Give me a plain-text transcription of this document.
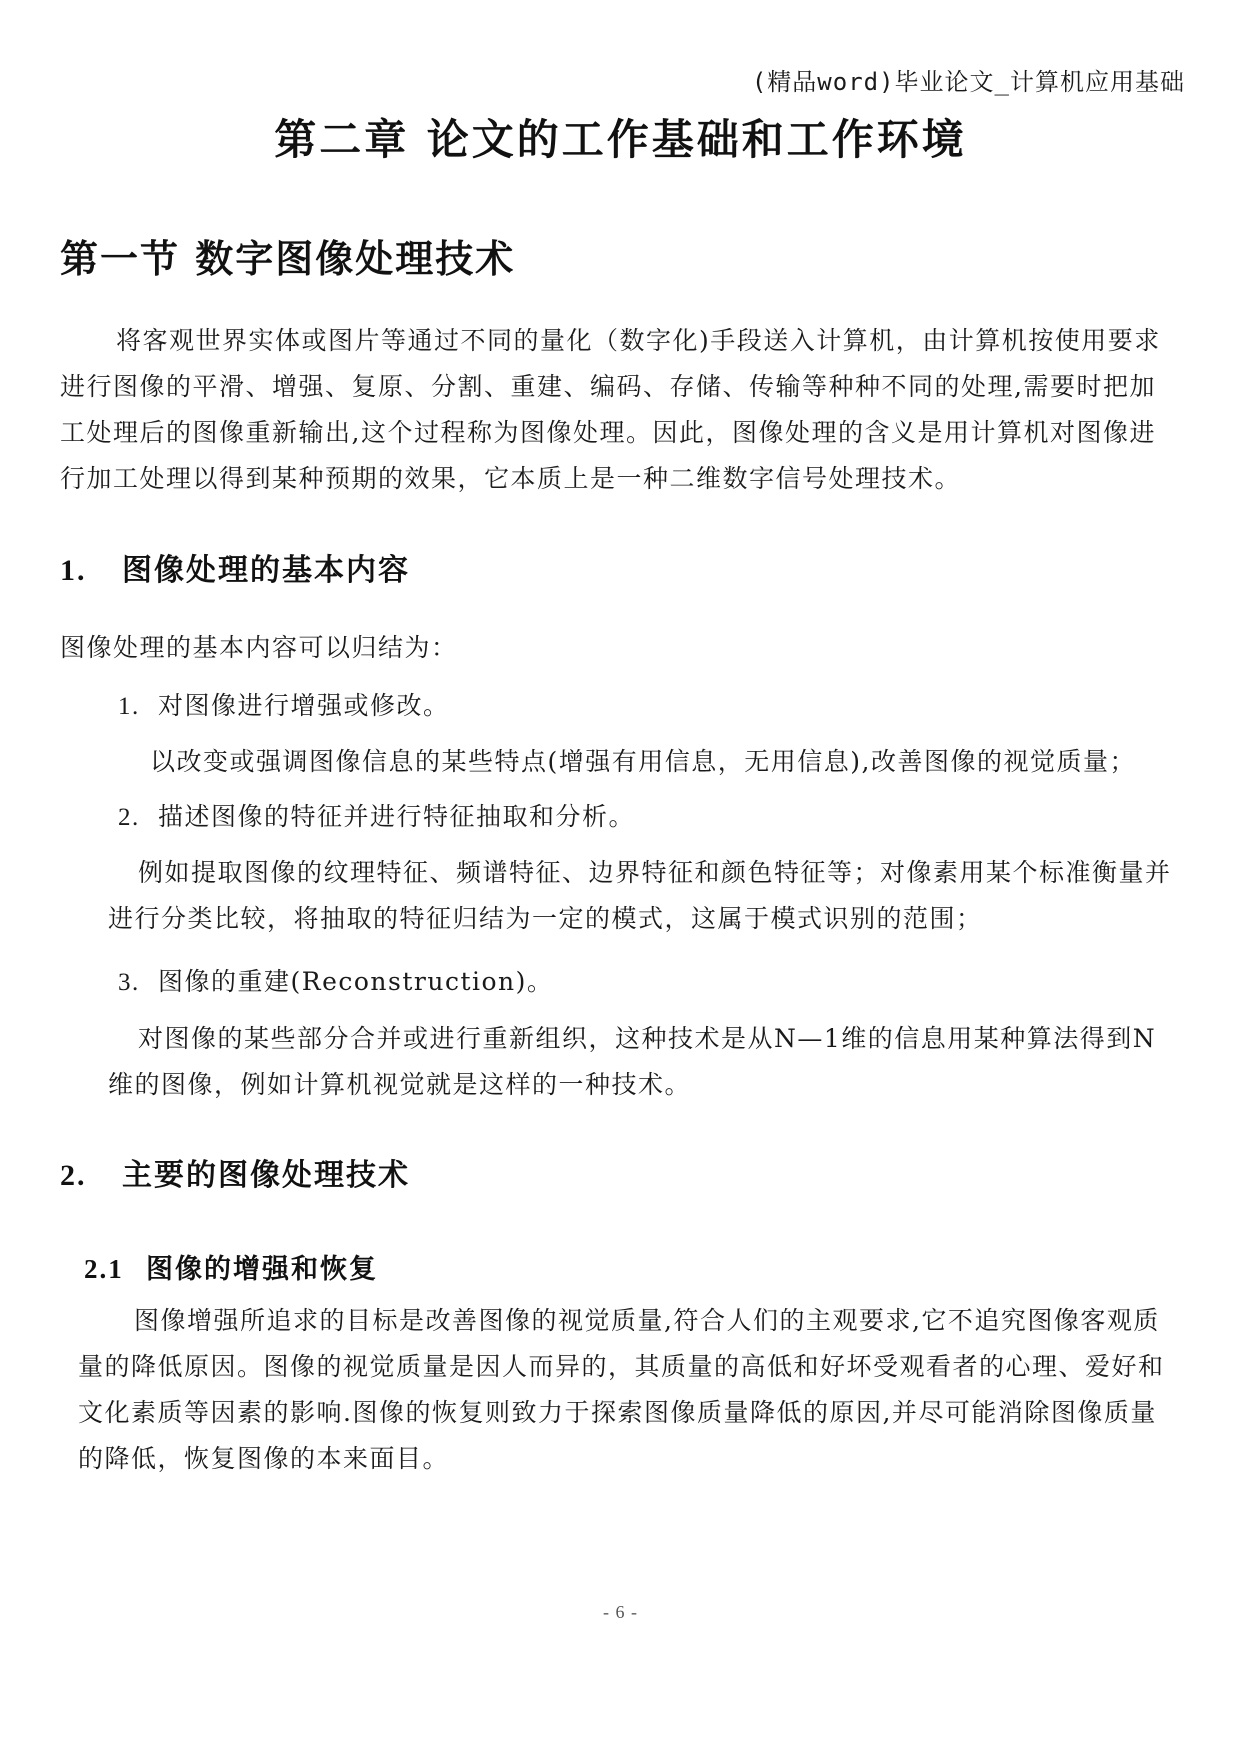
(精品word)毕业论文_计算机应用基础
第二章 论文的工作基础和工作环境
第一节 数字图像处理技术
将客观世界实体或图片等通过不同的量化（数字化)手段送入计算机，由计算机按使用要求进行图像的平滑、增强、复原、分割、重建、编码、存储、传输等种种不同的处理,需要时把加工处理后的图像重新输出,这个过程称为图像处理。因此，图像处理的含义是用计算机对图像进行加工处理以得到某种预期的效果，它本质上是一种二维数字信号处理技术。
1. 图像处理的基本内容
图像处理的基本内容可以归结为：
1. 对图像进行增强或修改。
以改变或强调图像信息的某些特点(增强有用信息，无用信息),改善图像的视觉质量；
2. 描述图像的特征并进行特征抽取和分析。
例如提取图像的纹理特征、频谱特征、边界特征和颜色特征等；对像素用某个标准衡量并进行分类比较，将抽取的特征归结为一定的模式，这属于模式识别的范围；
3. 图像的重建(Reconstruction)。
对图像的某些部分合并或进行重新组织，这种技术是从N—1维的信息用某种算法得到N维的图像，例如计算机视觉就是这样的一种技术。
2. 主要的图像处理技术
2.1 图像的增强和恢复
图像增强所追求的目标是改善图像的视觉质量,符合人们的主观要求,它不追究图像客观质量的降低原因。图像的视觉质量是因人而异的，其质量的高低和好坏受观看者的心理、爱好和文化素质等因素的影响.图像的恢复则致力于探索图像质量降低的原因,并尽可能消除图像质量的降低，恢复图像的本来面目。
- 6 -
